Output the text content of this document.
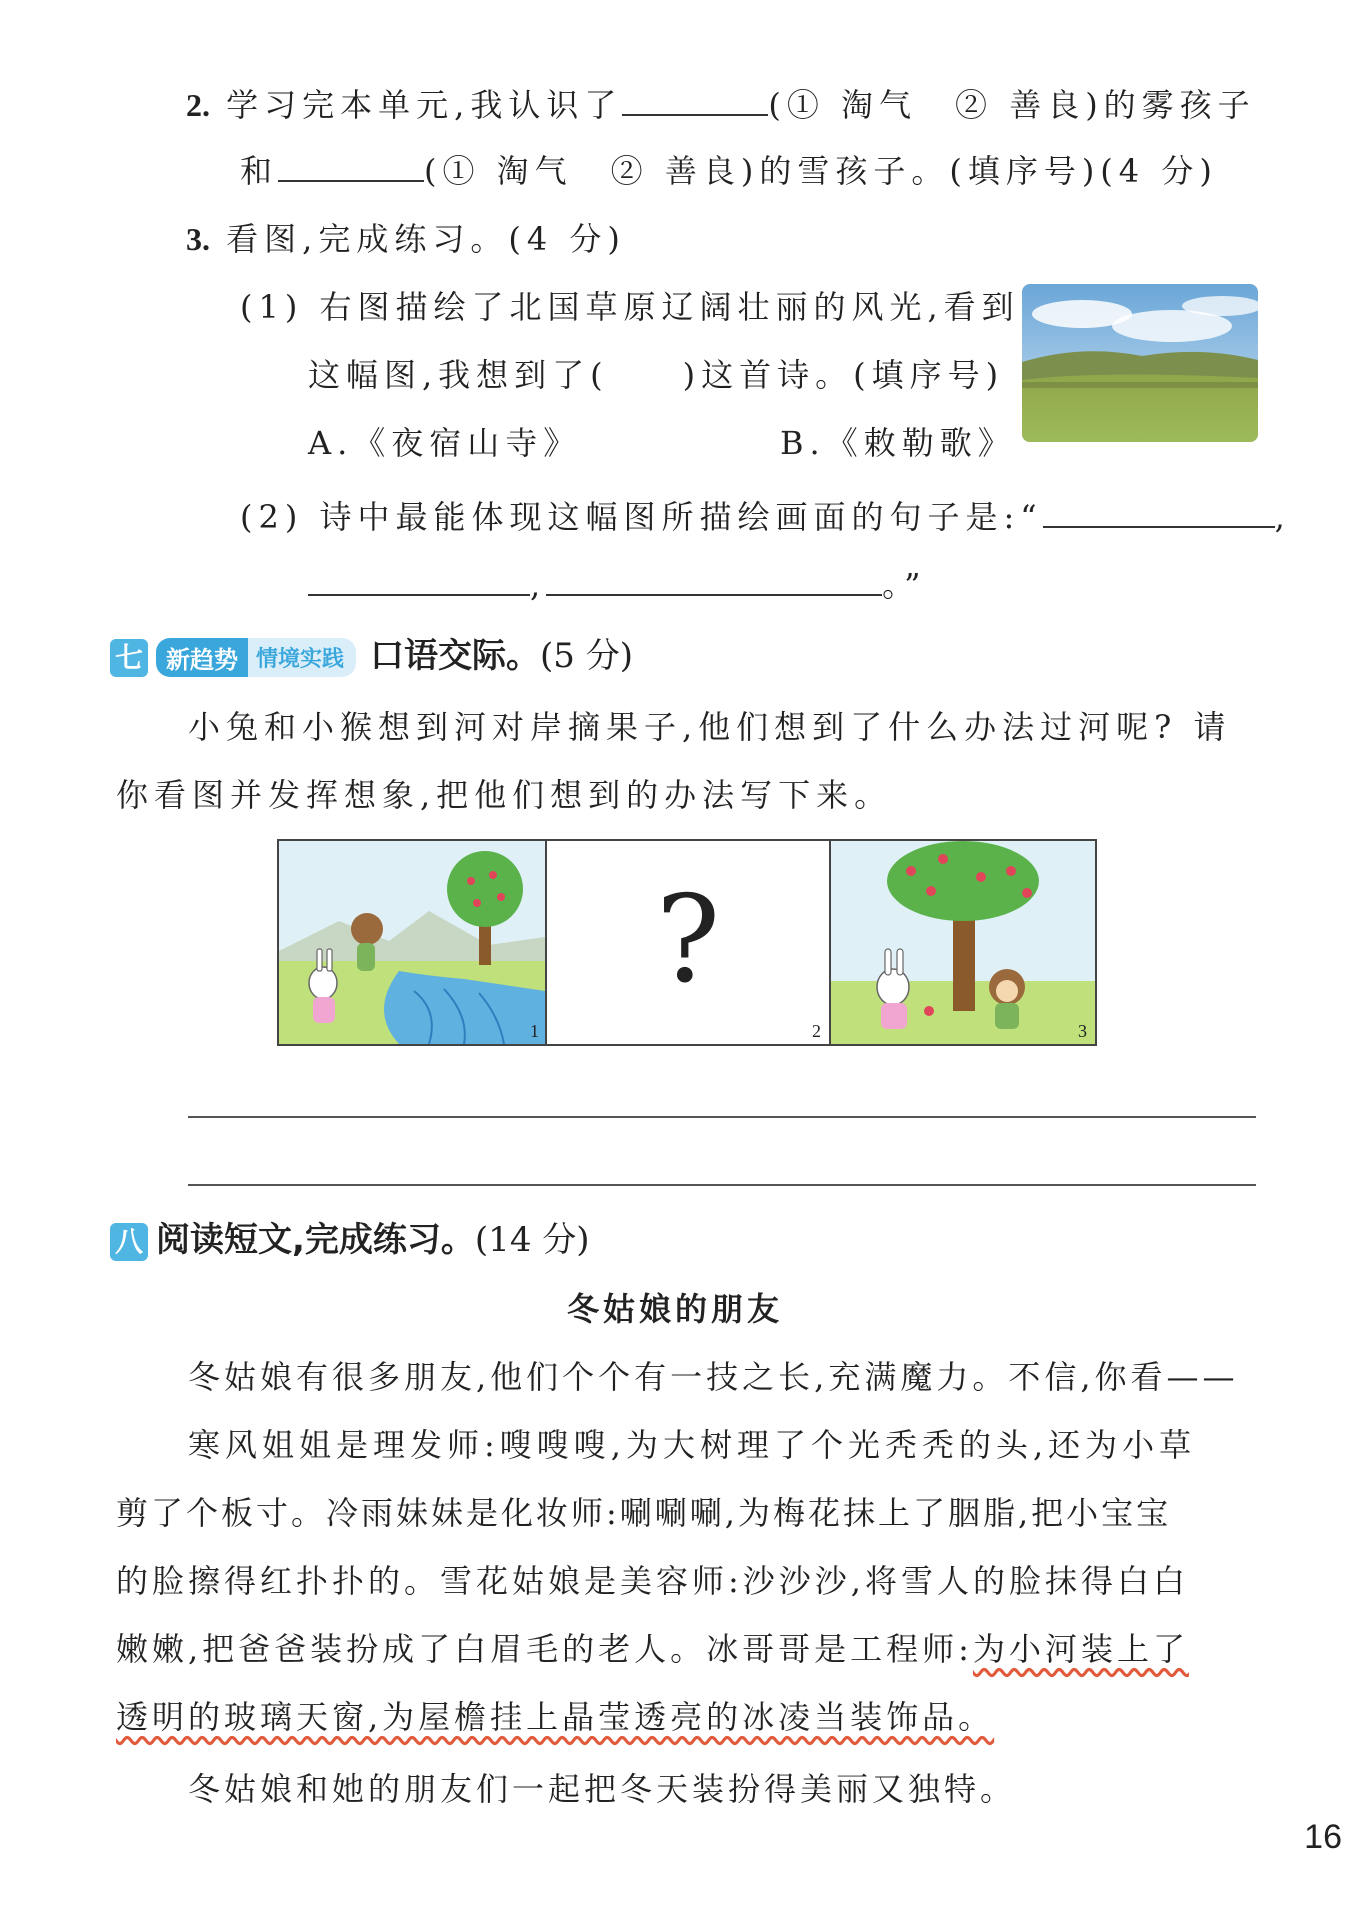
2. 学习完本单元,我认识了	(① 淘气　② 善良)的雾孩子
和	(① 淘气　② 善良)的雪孩子。(填序号)(4 分)
3. 看图,完成练习。(4 分)
(1) 右图描绘了北国草原辽阔壮丽的风光,看到
这幅图,我想到了( )这首诗。(填序号)
A.《夜宿山寺》	B.《敕勒歌》
(2) 诗中最能体现这幅图所描绘画面的句子是:“	,
,	。”
七 新趋势 情境实践 口语交际。(5 分)
小兔和小猴想到河对岸摘果子,他们想到了什么办法过河呢? 请
你看图并发挥想象,把他们想到的办法写下来。
1
?
2	3
八 阅读短文,完成练习。(14 分)
冬姑娘的朋友
冬姑娘有很多朋友,他们个个有一技之长,充满魔力。不信,你看——
寒风姐姐是理发师:嗖嗖嗖,为大树理了个光秃秃的头,还为小草
剪了个板寸。冷雨妹妹是化妆师:唰唰唰,为梅花抹上了胭脂,把小宝宝
的脸擦得红扑扑的。雪花姑娘是美容师:沙沙沙,将雪人的脸抹得白白
嫩嫩,把爸爸装扮成了白眉毛的老人。冰哥哥是工程师:为小河装上了
透明的玻璃天窗,为屋檐挂上晶莹透亮的冰凌当装饰品。
冬姑娘和她的朋友们一起把冬天装扮得美丽又独特。
16
